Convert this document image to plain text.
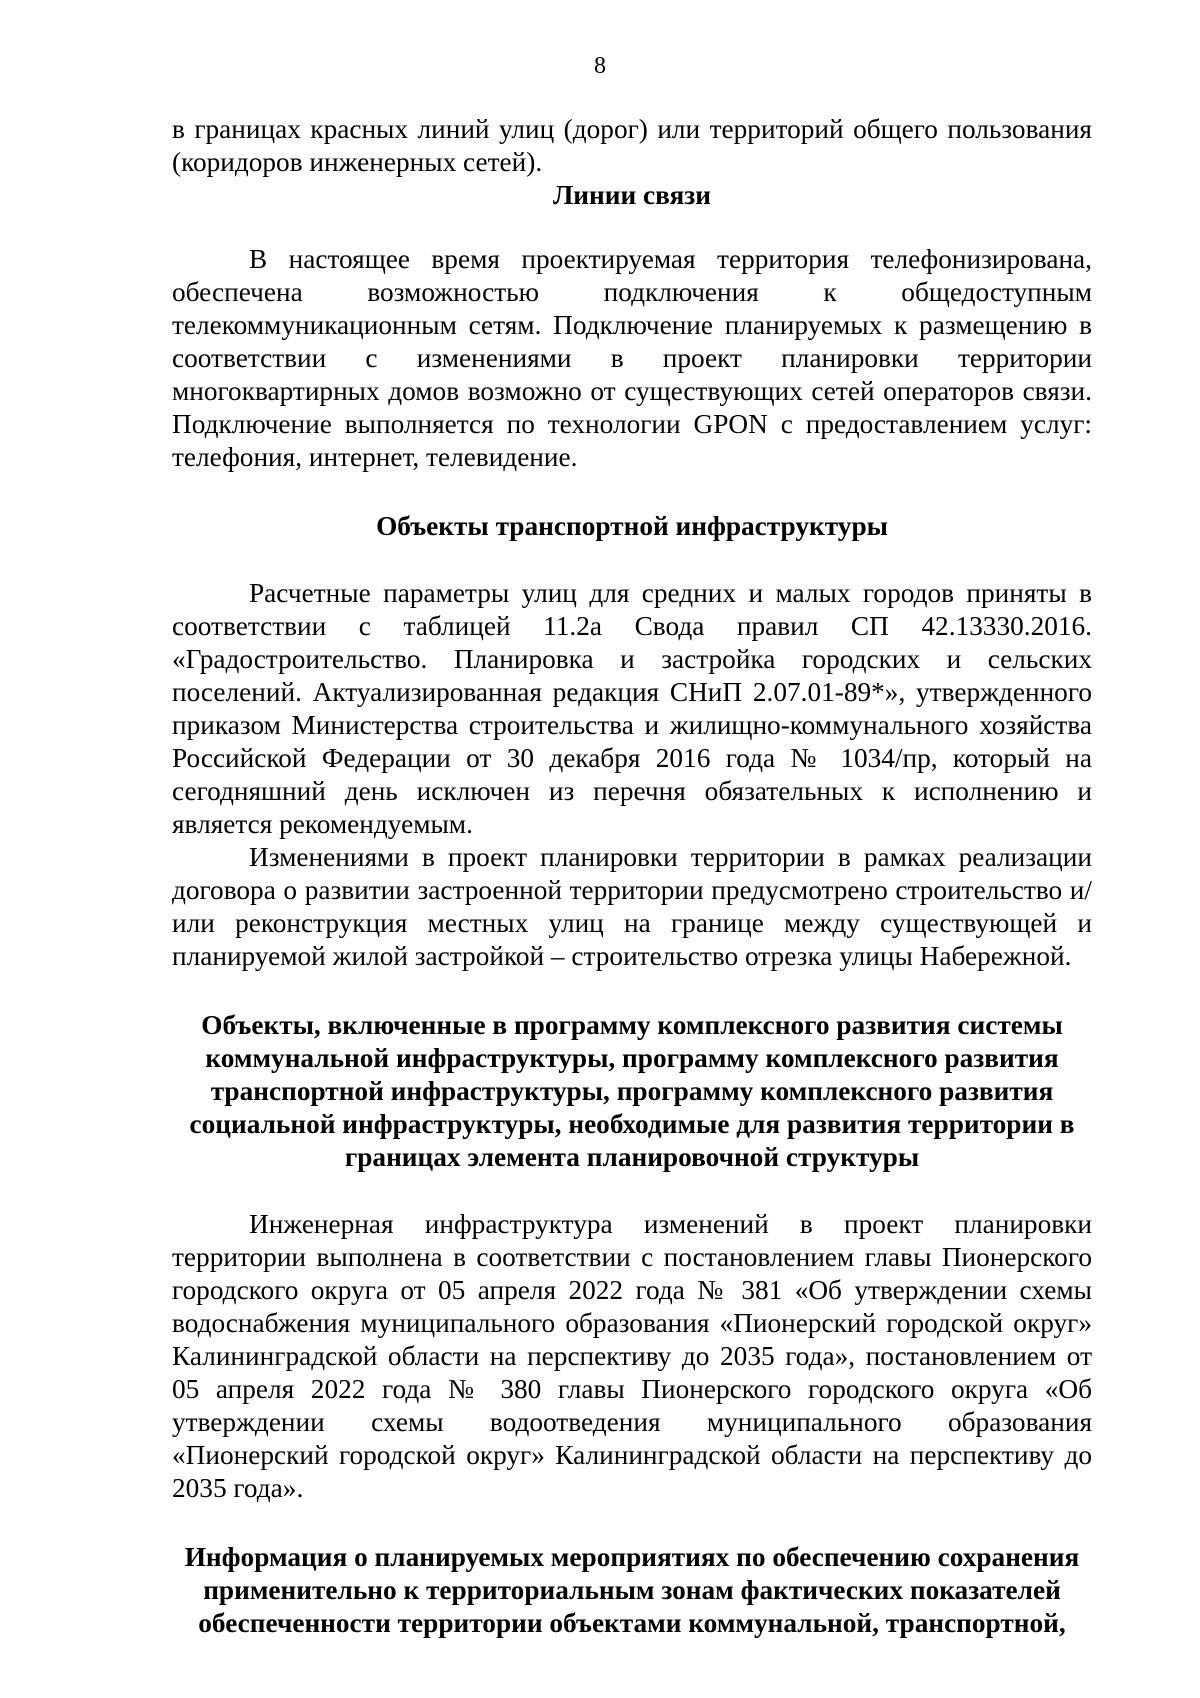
8

в границах красных линий улиц (дорог) или территорий общего пользования (коридоров инженерных сетей).

Линии связи

В настоящее время проектируемая территория телефонизирована, обеспечена возможностью подключения к общедоступным телекоммуникационным сетям. Подключение планируемых к размещению в соответствии с изменениями в проект планировки территории многоквартирных домов возможно от существующих сетей операторов связи. Подключение выполняется по технологии GPON с предоставлением услуг: телефония, интернет, телевидение.

Объекты транспортной инфраструктуры

Расчетные параметры улиц для средних и малых городов приняты в соответствии с таблицей 11.2а Свода правил СП 42.13330.2016. «Градостроительство. Планировка и застройка городских и сельских поселений. Актуализированная редакция СНиП 2.07.01-89*», утвержденного приказом Министерства строительства и жилищно-коммунального хозяйства Российской Федерации от 30 декабря 2016 года № 1034/пр, который на сегодняшний день исключен из перечня обязательных к исполнению и является рекомендуемым.

Изменениями в проект планировки территории в рамках реализации договора о развитии застроенной территории предусмотрено строительство и/или реконструкция местных улиц на границе между существующей и планируемой жилой застройкой – строительство отрезка улицы Набережной.

Объекты, включенные в программу комплексного развития системы коммунальной инфраструктуры, программу комплексного развития транспортной инфраструктуры, программу комплексного развития социальной инфраструктуры, необходимые для развития территории в границах элемента планировочной структуры

Инженерная инфраструктура изменений в проект планировки территории выполнена в соответствии с постановлением главы Пионерского городского округа от 05 апреля 2022 года № 381 «Об утверждении схемы водоснабжения муниципального образования «Пионерский городской округ» Калининградской области на перспективу до 2035 года», постановлением от 05 апреля 2022 года № 380 главы Пионерского городского округа «Об утверждении схемы водоотведения муниципального образования «Пионерский городской округ» Калининградской области на перспективу до 2035 года».

Информация о планируемых мероприятиях по обеспечению сохранения применительно к территориальным зонам фактических показателей обеспеченности территории объектами коммунальной, транспортной,
